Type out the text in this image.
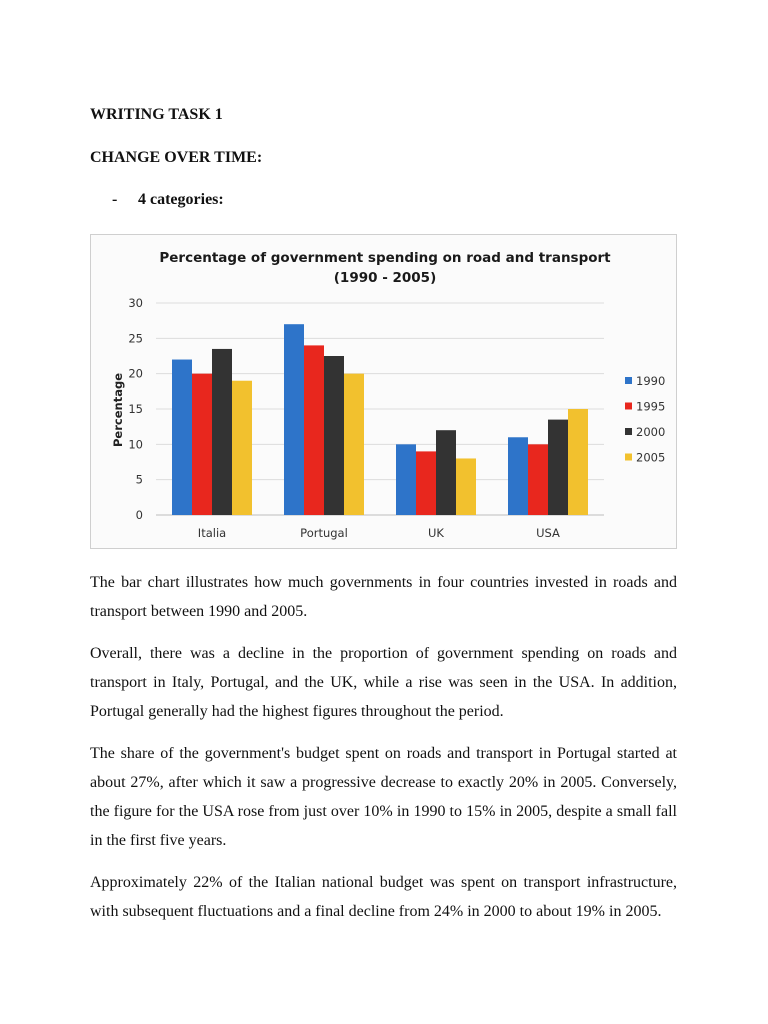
WRITING TASK 1

CHANGE OVER TIME:

- 4 categories:
Percentage of government spending on road and transport
(1990 - 2005)
Percentage
0
5
10
15
20
25
30
Italia	Portugal	UK	USA
1990
1995
2000
2005

The bar chart illustrates how much governments in four countries invested in roads and transport between 1990 and 2005.

Overall, there was a decline in the proportion of government spending on roads and transport in Italy, Portugal, and the UK, while a rise was seen in the USA. In addition, Portugal generally had the highest figures throughout the period.

The share of the government's budget spent on roads and transport in Portugal started at about 27%, after which it saw a progressive decrease to exactly 20% in 2005. Conversely, the figure for the USA rose from just over 10% in 1990 to 15% in 2005, despite a small fall in the first five years.

Approximately 22% of the Italian national budget was spent on transport infrastructure, with subsequent fluctuations and a final decline from 24% in 2000 to about 19% in 2005.
